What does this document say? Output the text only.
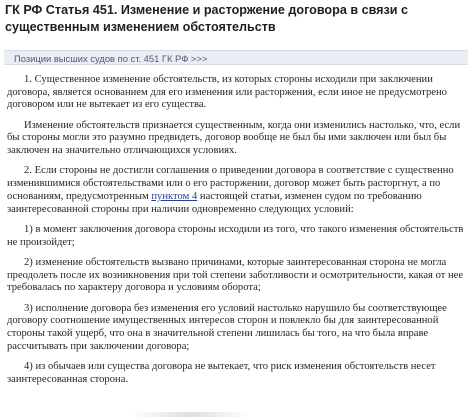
ГК РФ Статья 451. Изменение и расторжение договора в связи с существенным изменением обстоятельств
Позиции высших судов по ст. 451 ГК РФ >>>

1. Существенное изменение обстоятельств, из которых стороны исходили при заключении договора, является основанием для его изменения или расторжения, если иное не предусмотрено договором или не вытекает из его существа.

Изменение обстоятельств признается существенным, когда они изменились настолько, что, если бы стороны могли это разумно предвидеть, договор вообще не был бы ими заключен или был бы заключен на значительно отличающихся условиях.

2. Если стороны не достигли соглашения о приведении договора в соответствие с существенно изменившимися обстоятельствами или о его расторжении, договор может быть расторгнут, а по основаниям, предусмотренным пунктом 4 настоящей статьи, изменен судом по требованию заинтересованной стороны при наличии одновременно следующих условий:

1) в момент заключения договора стороны исходили из того, что такого изменения обстоятельств не произойдет;

2) изменение обстоятельств вызвано причинами, которые заинтересованная сторона не могла преодолеть после их возникновения при той степени заботливости и осмотрительности, какая от нее требовалась по характеру договора и условиям оборота;

3) исполнение договора без изменения его условий настолько нарушило бы соответствующее договору соотношение имущественных интересов сторон и повлекло бы для заинтересованной стороны такой ущерб, что она в значительной степени лишилась бы того, на что была вправе рассчитывать при заключении договора;

4) из обычаев или существа договора не вытекает, что риск изменения обстоятельств несет заинтересованная сторона.
